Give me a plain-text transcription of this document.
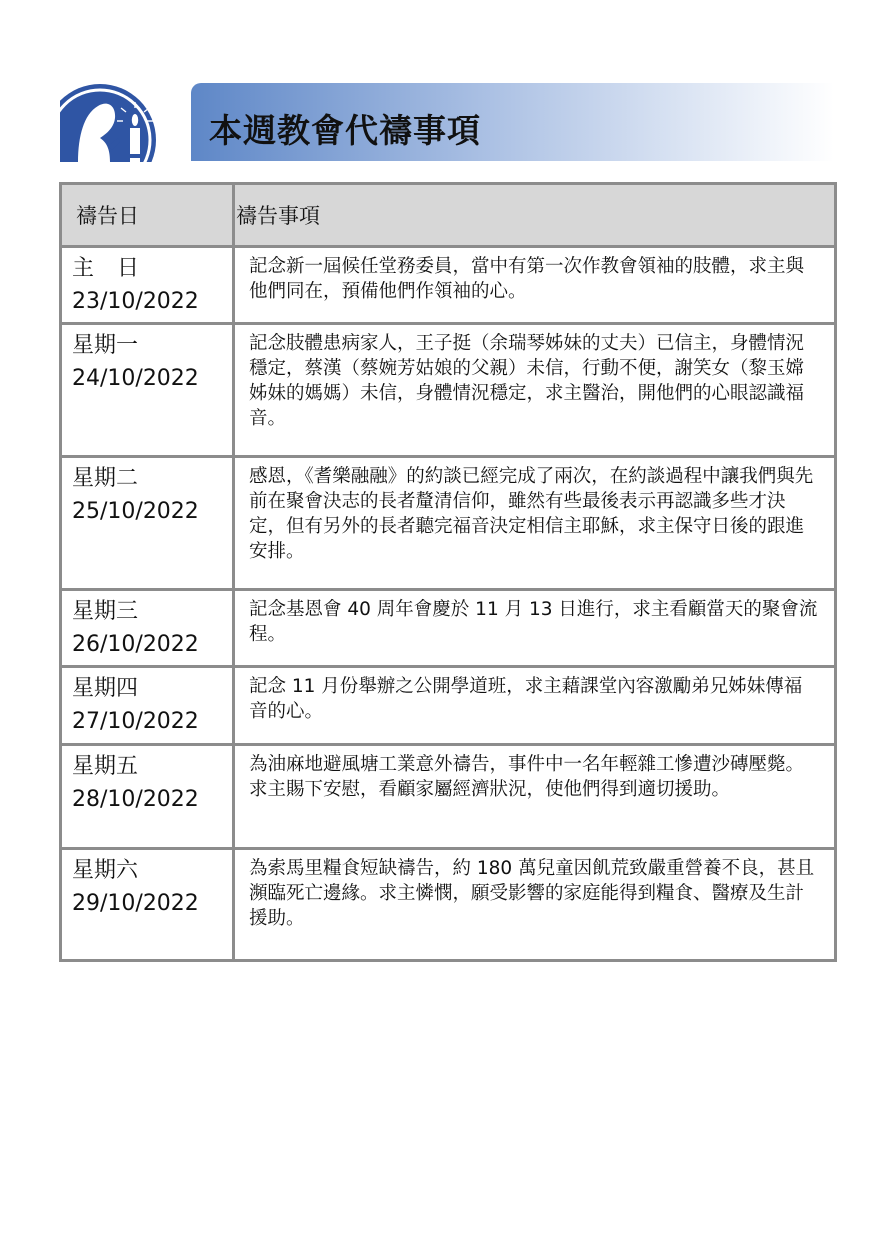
本週教會代禱事項
禱告日	禱告事項

主日
23/10/2022	記念新一屆候任堂務委員，當中有第一次作教會領袖的肢體，求主與他們同在，預備他們作領袖的心。

星期一
24/10/2022	記念肢體患病家人，王子挺（余瑞琴姊妹的丈夫）已信主，身體情況穩定，蔡漢（蔡婉芳姑娘的父親）未信，行動不便，謝笑女（黎玉嫦姊妹的媽媽）未信，身體情況穩定，求主醫治，開他們的心眼認識福音。

星期二
25/10/2022	感恩，《耆樂融融》的約談已經完成了兩次，在約談過程中讓我們與先前在聚會決志的長者釐清信仰，雖然有些最後表示再認識多些才決定，但有另外的長者聽完福音決定相信主耶穌，求主保守日後的跟進安排。

星期三
26/10/2022	記念基恩會 40 周年會慶於 11 月 13 日進行，求主看顧當天的聚會流程。

星期四
27/10/2022	記念 11 月份舉辦之公開學道班，求主藉課堂內容激勵弟兄姊妹傳福音的心。

星期五
28/10/2022	為油麻地避風塘工業意外禱告，事件中一名年輕雜工慘遭沙磚壓斃。求主賜下安慰，看顧家屬經濟狀況，使他們得到適切援助。

星期六
29/10/2022	為索馬里糧食短缺禱告，約 180 萬兒童因飢荒致嚴重營養不良，甚且瀕臨死亡邊緣。求主憐憫，願受影響的家庭能得到糧食、醫療及生計援助。
